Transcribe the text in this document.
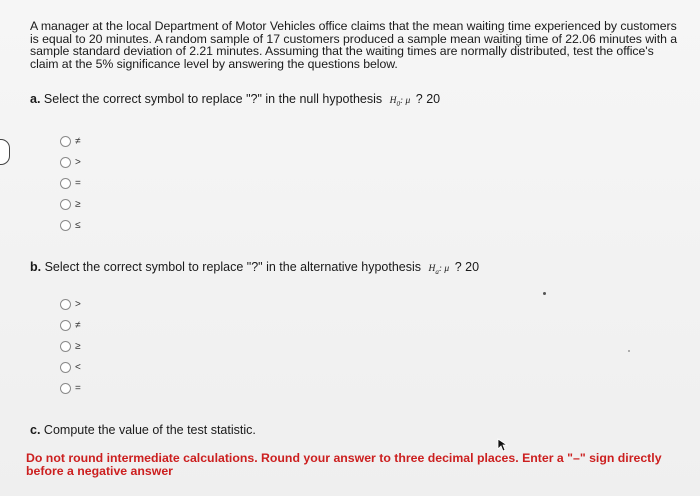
A manager at the local Department of Motor Vehicles office claims that the mean waiting time experienced by customers is equal to 20 minutes. A random sample of 17 customers produced a sample mean waiting time of 22.06 minutes with a sample standard deviation of 2.21 minutes. Assuming that the waiting times are normally distributed, test the office's claim at the 5% significance level by answering the questions below.
a. Select the correct symbol to replace "?" in the null hypothesis $H_0$: μ ? 20
≠
>
=
≥
≤
b. Select the correct symbol to replace "?" in the alternative hypothesis $H_a$: μ ? 20
>
≠
≥
<
=
c. Compute the value of the test statistic.
Do not round intermediate calculations. Round your answer to three decimal places. Enter a "–" sign directly before a negative answer
